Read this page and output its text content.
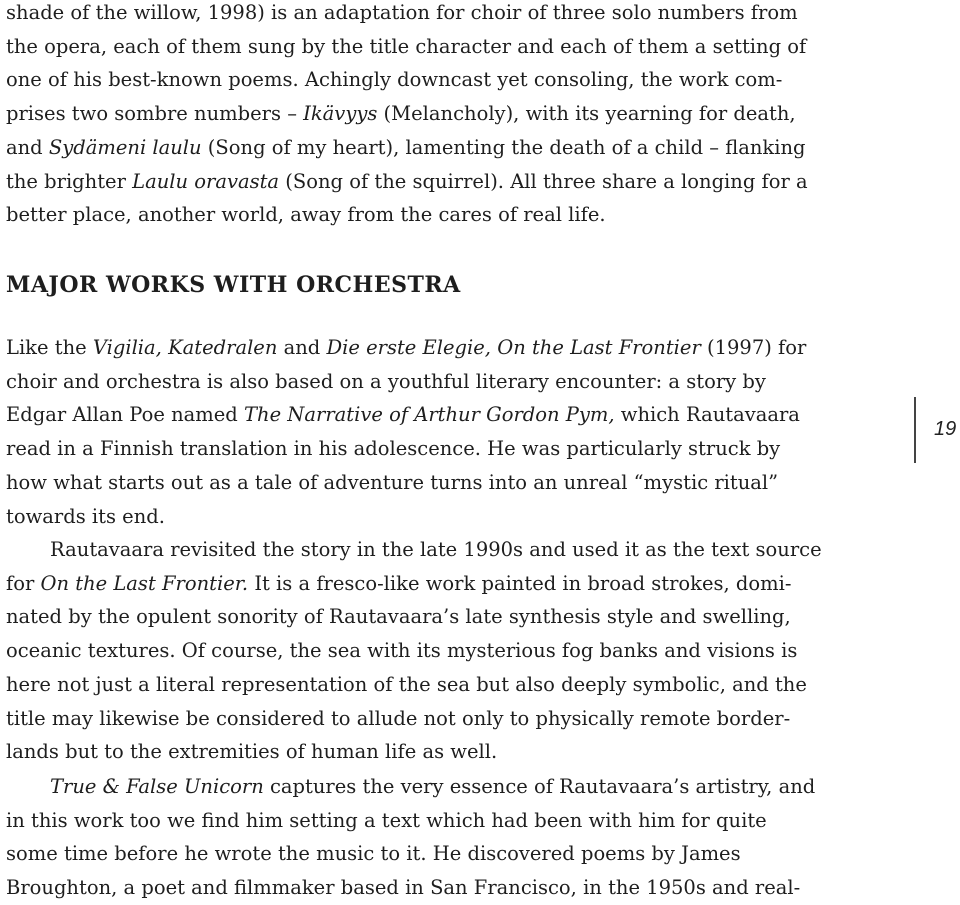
shade of the willow, 1998) is an adaptation for choir of three solo numbers from
the opera, each of them sung by the title character and each of them a setting of
one of his best-known poems. Achingly downcast yet consoling, the work com-
prises two sombre numbers – Ikävyys (Melancholy), with its yearning for death,
and Sydämeni laulu (Song of my heart), lamenting the death of a child – flanking
the brighter Laulu oravasta (Song of the squirrel). All three share a longing for a
better place, another world, away from the cares of real life.
MAJOR WORKS WITH ORCHESTRA
Like the Vigilia, Katedralen and Die erste Elegie, On the Last Frontier (1997) for
choir and orchestra is also based on a youthful literary encounter: a story by
Edgar Allan Poe named The Narrative of Arthur Gordon Pym, which Rautavaara
read in a Finnish translation in his adolescence. He was particularly struck by
how what starts out as a tale of adventure turns into an unreal “mystic ritual”
towards its end.
Rautavaara revisited the story in the late 1990s and used it as the text source
for On the Last Frontier. It is a fresco-like work painted in broad strokes, domi-
nated by the opulent sonority of Rautavaara’s late synthesis style and swelling,
oceanic textures. Of course, the sea with its mysterious fog banks and visions is
here not just a literal representation of the sea but also deeply symbolic, and the
title may likewise be considered to allude not only to physically remote border-
lands but to the extremities of human life as well.
True & False Unicorn captures the very essence of Rautavaara’s artistry, and
in this work too we find him setting a text which had been with him for quite
some time before he wrote the music to it. He discovered poems by James
Broughton, a poet and filmmaker based in San Francisco, in the 1950s and real-
19
